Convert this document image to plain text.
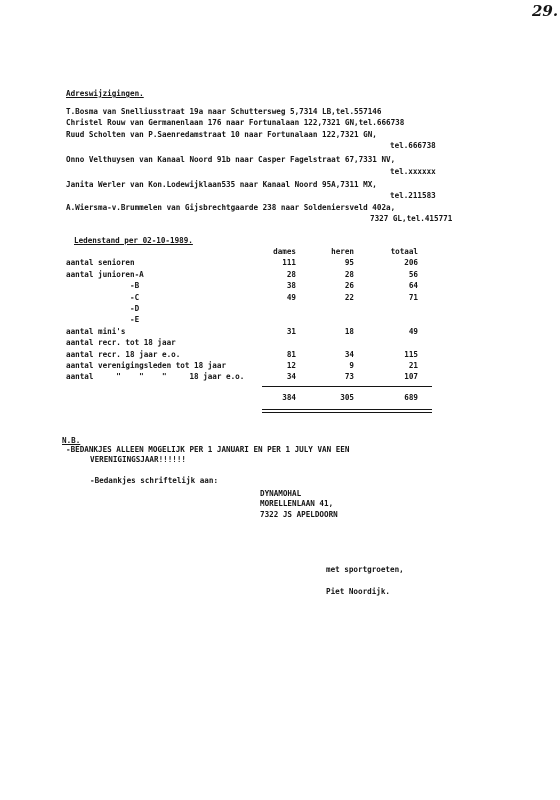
29.
Adreswijzigingen.
T.Bosma van Snelliusstraat 19a naar Schuttersweg 5,7314 LB,tel.557146
Christel Rouw van Germanenlaan 176 naar Fortunalaan 122,7321 GN,tel.666738
Ruud Scholten van P.Saenredamstraat 10 naar Fortunalaan 122,7321 GN,
tel.666738
Onno Velthuysen van Kanaal Noord 91b naar Casper Fagelstraat 67,7331 NV,
tel.xxxxxx
Janita Werler van Kon.Lodewijklaan535 naar Kanaal Noord 95A,7311 MX,
tel.211583
A.Wiersma-v.Brummelen van Gijsbrechtgaarde 238 naar Soldeniersveld 402a,
7327 GL,tel.415771
Ledenstand per 02-10-1989.
dames	heren	totaal
aantal senioren	111	95	206
aantal junioren-A	28	28	56
-B	38	26	64
-C	49	22	71
-D
-E
aantal mini's	31	18	49
aantal recr. tot 18 jaar
aantal recr. 18 jaar e.o.	81	34	115
aantal verenigingsleden tot 18 jaar	12	9	21
aantal     "    "    "     18 jaar e.o.	34	73	107
384	305	689
N.B.
-BEDANKJES ALLEEN MOGELIJK PER 1 JANUARI EN PER 1 JULY VAN EEN
VERENIGINGSJAAR!!!!!!
-Bedankjes schriftelijk aan:
DYNAMOHAL
MORELLENLAAN 41,
7322 JS APELDOORN
met sportgroeten,
Piet Noordijk.
